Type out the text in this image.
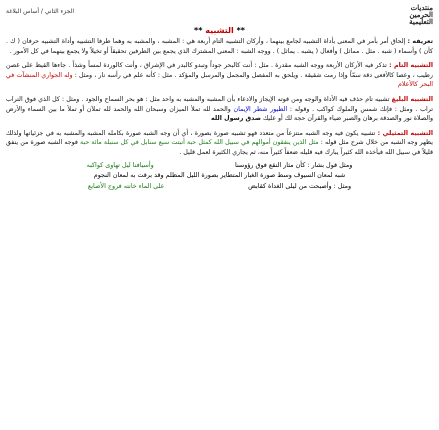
منتديات
الحرمين
التعليمية
الجزء الثاني / أساس البلاغة
** التشبيه **

تعريفه : إلحاق أمر بأمر في المعنى بأداة التشبيه لجامع بينهما ، وأركان التشبيه التام أربعة هي : المشبه ، والمشبه به وهما طرفا التشبيه وأداة التشبيه حرفان ( ك . كأن ) وأسماء ( شبه . مثل . مماثل ) وأفعال ( يشبه . يماثل ) . ووجه الشبه : المعنى المشترك الذي يجمع بين الطرفين تحقيقاً أو تخيلاً ولا يجمع بينهما في كل الأمور .

التشبيه التام : تذكر فيه الأركان الأربعة ووجه الشبه مقدرة . مثل : أنت كالبحر جوداً وتبدو كالبدر في الإشراق ، وأنت كالوردة لمساً وشذاً . جاءها القيظ على غصن رطيب ، وعصا كالأفعى دقة سمّاً وإذا رمت شقيقة . ويلحق به المفصل والمجمل والمرسل والمؤكد . مثل : كأنه علم في رأسه نار ، ومثل : وله الجواري المنشآت في البحر كالأعلام

التشبيه البليغ تشبيه تام حذف فيه الأداة والوجه ومن قوته الإيجاز والادعاء بأن المشبه والمشبه به واحد مثل : هو بحر السماح والجود . ومثل : كل الذي فوق التراب تراب . ومثل : فإنك شمس والملوك كواكب . وقوله : الطيور شطر الإيمان والحمد لله تملأ الميزان وسبحان الله والحمد لله تملآن أو تملأ ما بين السماء والأرض والصلاة نور والصدقة برهان والصبر ضياء والقرآن حجة لك أو عليك صدق رسول الله

التشبيه التمثيلي : تشبيه يكون فيه وجه الشبه منتزعاً من متعدد فهو تشبيه صورة بصورة ، أي أن وجه الشبه صورة بكامله المشبه والمشبه به في جزئياتها ولذلك يظهر وجه الشبه من خلال شرح مثل قوله : مثل الذين ينفقون أموالهم في سبيل الله كمثل حبة أنبتت سبع سنابل في كل سنبلة مائة حبة فوجه الشبه صورة من ينفق قليلاً في سبيل الله فيأخذه الله كثيراً يبارك فيه قليله ضعفاً كثيراً منه، ثم يجاري الكثيرة لعمل قليل .

ومثل قول بشار : كأن مثار النقع فوق رؤوسنا
وأسيافنا ليل تهاوى كواكبه
شبه لمعان السيوف وسط صورة الغبار المتطاير بصورة الليل المظلم وقد برقت به لمعان النجوم
ومثل : وأصبحت من ليلى الغداة كقابض
على الماء خانته فروج الأصابع
